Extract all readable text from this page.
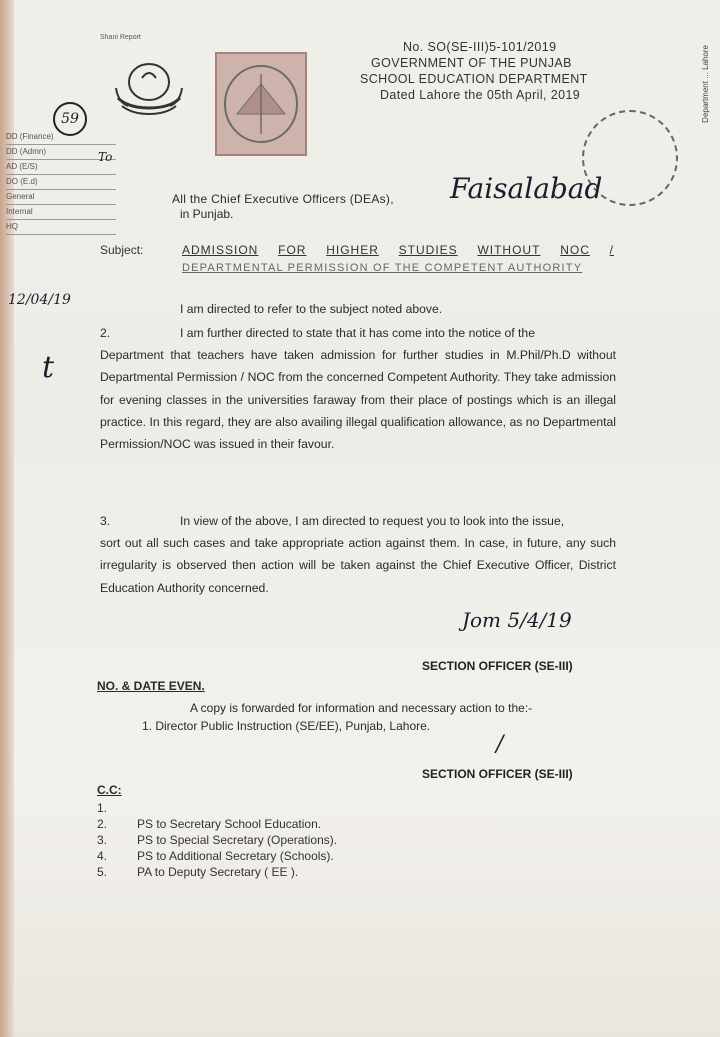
Shani Report
No. SO(SE-III)5-101/2019
GOVERNMENT OF THE PUNJAB
SCHOOL EDUCATION DEPARTMENT
Dated Lahore the 05th April, 2019	Department ... Lahore
59
DD (Finance)
DD (Admn)
AD (E/S)
DO (E.d)
General
Internal
HQ
To
12/04/19
t
All the Chief Executive Officers (DEAs),
in Punjab.
Faisalabad
Subject:	ADMISSION FOR HIGHER STUDIES WITHOUT NOC /
DEPARTMENTAL PERMISSION OF THE COMPETENT AUTHORITY
I am directed to refer to the subject noted above.
2.	I am further directed to state that it has come into the notice of the
Department that teachers have taken admission for further studies in M.Phil/Ph.D without Departmental Permission / NOC from the concerned Competent Authority. They take admission for evening classes in the universities faraway from their place of postings which is an illegal practice. In this regard, they are also availing illegal qualification allowance, as no Departmental Permission/NOC was issued in their favour.
3.	In view of the above, I am directed to request you to look into the issue,
sort out all such cases and take appropriate action against them. In case, in future, any such irregularity is observed then action will be taken against the Chief Executive Officer, District Education Authority concerned.
Jom 5/4/19
SECTION OFFICER (SE-III)
NO. & DATE EVEN.
A copy is forwarded for information and necessary action to the:-
1. Director Public Instruction (SE/EE), Punjab, Lahore.
/
SECTION OFFICER (SE-III)
C.C:
1.
2.	PS to Secretary School Education.
3.	PS to Special Secretary (Operations).
4.	PS to Additional Secretary (Schools).
5.	PA to Deputy Secretary ( EE ).
